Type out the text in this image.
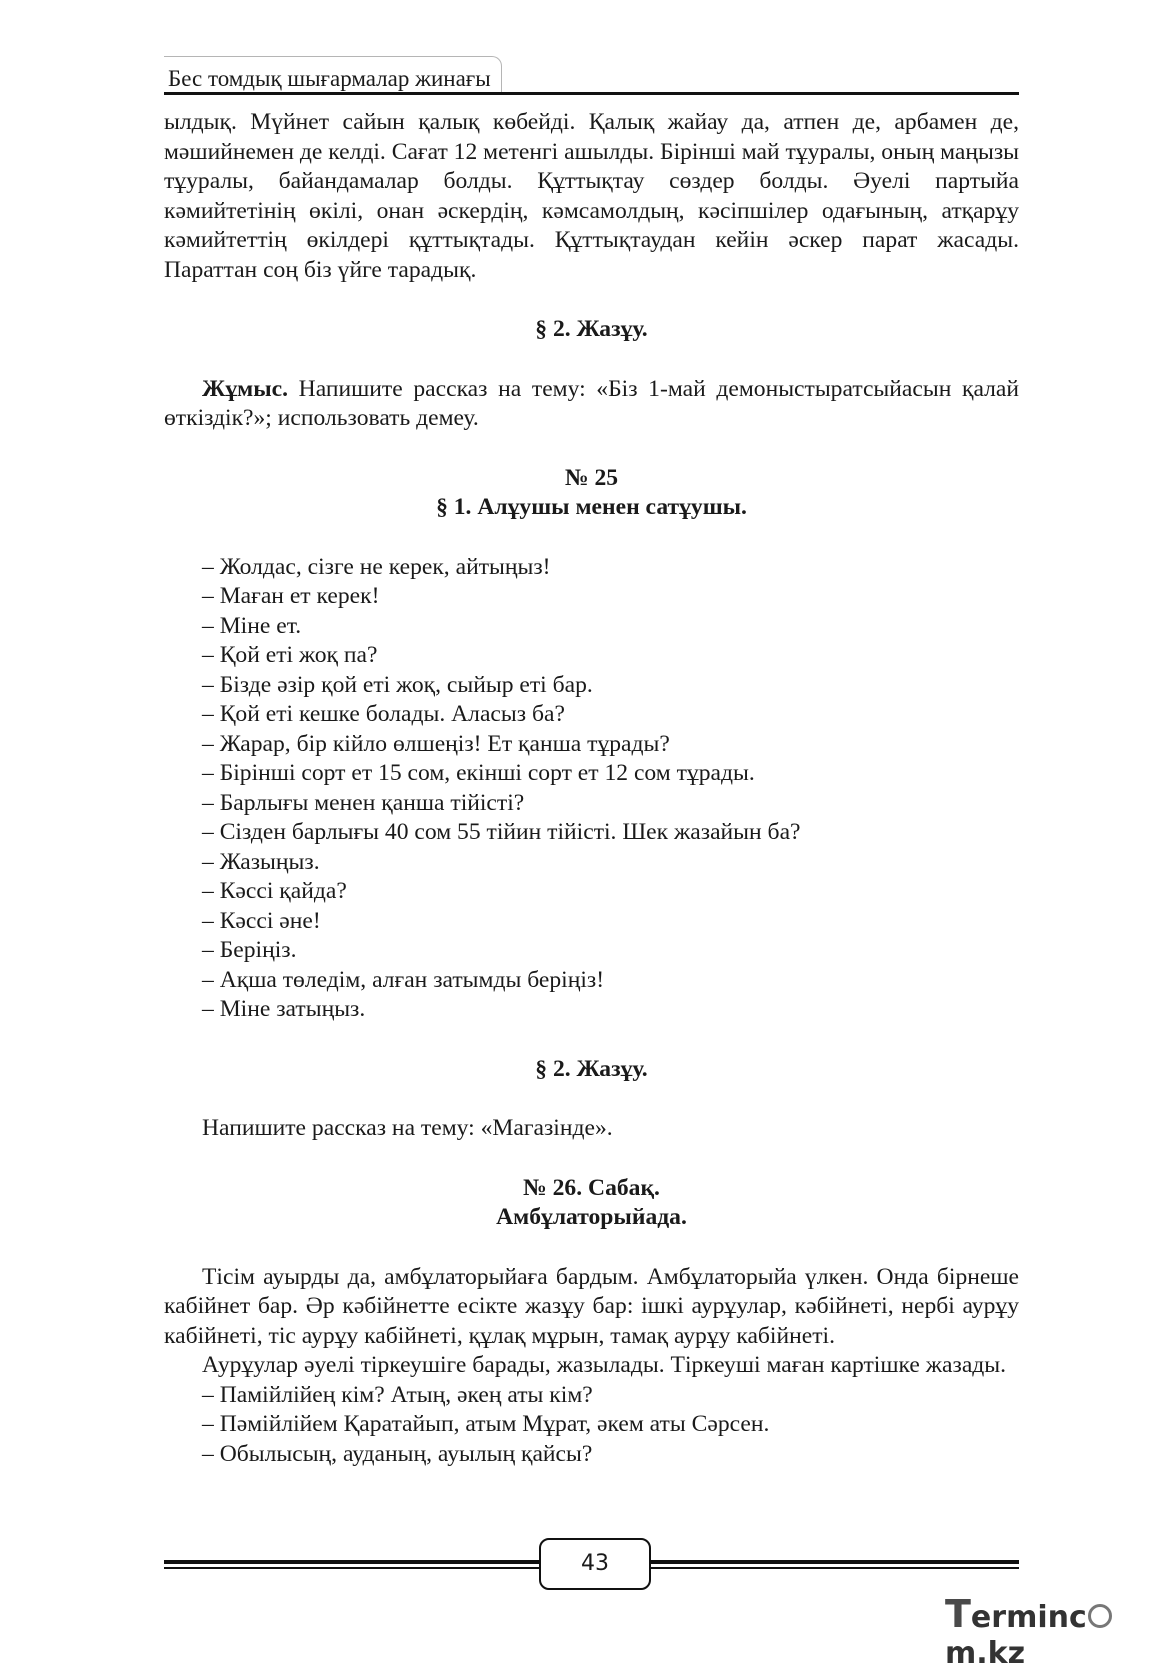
Бес томдық шығармалар жинағы

ылдық. Мүйнет сайын қалық көбейді. Қалық жайау да, атпен де, арбамен де, мәшийнемен де келді. Сағат 12 метенгі ашылды. Бірінші май тұуралы, оның маңызы тұуралы, байандамалар болды. Құттықтау сөздер болды. Әуелі партыйа кәмийтетінің өкілі, онан әскердің, кәмсамолдың, кәсіпшілер одағының, атқарұу кәмийтеттің өкілдері құттықтады. Құттықтаудан кейін әскер парат жасады. Параттан соң біз үйге тарадық.

§ 2. Жазұу.

Жұмыс. Напишите рассказ на тему: «Біз 1-май демоныстыратсыйасын қалай өткіздік?»; использовать демеу.

№ 25

§ 1. Алұушы менен сатұушы.

– Жолдас, сізге не керек, айтыңыз!

– Маған ет керек!

– Міне ет.

– Қой еті жоқ па?

– Бізде әзір қой еті жоқ, сыйыр еті бар.

– Қой еті кешке болады. Аласыз ба?

– Жарар, бір кійло өлшеңіз! Ет қанша тұрады?

– Бірінші сорт ет 15 сом, екінші сорт ет 12 сом тұрады.

– Барлығы менен қанша тійісті?

– Сізден барлығы 40 сом 55 тійин тійісті. Шек жазайын ба?

– Жазыңыз.

– Кәссі қайда?

– Кәссі әне!

– Беріңіз.

– Ақша төледім, алған затымды беріңіз!

– Міне затыңыз.

§ 2. Жазұу.

Напишите рассказ на тему: «Магазінде».

№ 26. Сабақ.

Амбұлаторыйада.

Тісім ауырды да, амбұлаторыйаға бардым. Амбұлаторыйа үлкен. Онда бірнеше кабійнет бар. Әр кәбійнетте есікте жазұу бар: ішкі аурұулар, кәбійнеті, нербі аурұу кабійнеті, тіс аурұу кабійнеті, құлақ мұрын, тамақ аурұу кабійнеті.

Аурұулар әуелі тіркеушіге барады, жазылады. Тіркеуші маған картішке жазады.

– Памійлійең кім? Атың, әкең аты кім?

– Пәмійлійем Қаратайып, атым Мұрат, әкем аты Сәрсен.

– Обылысың, ауданың, ауылың қайсы?

43
Termincm.kz
